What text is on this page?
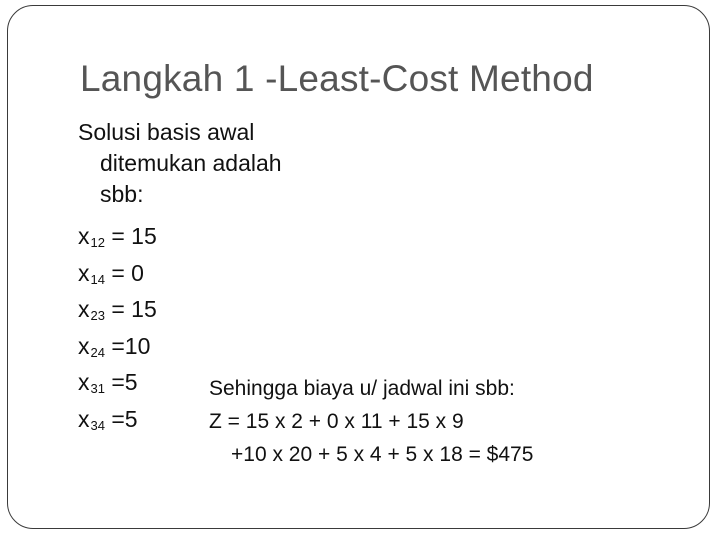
Langkah 1 -Least-Cost Method
Solusi basis awal
ditemukan adalah
sbb:
$x_{12} = 15$
$x_{14} = 0$
$x_{23} = 15$
$x_{24} =10$
$x_{31} =5$
$x_{34} =5$
Sehingga biaya u/ jadwal ini sbb:
Z = 15 x 2 + 0 x 11 + 15 x 9
+10 x 20 + 5 x 4 + 5 x 18 = $475
